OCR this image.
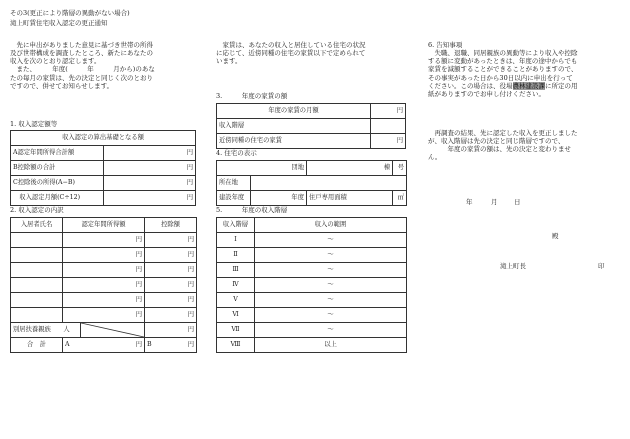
その3(更正により階層の異動がない場合)
滝上町賃住宅収入認定の更正通知
　先に申出がありました意見に基づき世帯の所得
及び世帯構成を調査したところ、新たにあなたの
収入を次のとおり認定します。
　また、　　　年度(　　　年　　　月から)のあな
たの毎月の家賃は、先の決定と同じく次のとおり
ですので、併せてお知らせします。
1. 収入認定額等
収入認定の算出基礎となる額	
A認定年間所得合計額	円
B控除額の合計	円
C控除後の所得(A−B)	円
　収入認定月額(C÷12)	円
2. 収入認定の内訳
入居者氏名	認定年間所得額		控除額
	円		円
	円		円
	円		円
	円		円
	円		円
	円		円
別居扶養親族　　 人			円
合　計	A 円		B 円
　家賃は、あなたの収入と居住している住宅の状況
に応じて、近傍同種の住宅の家賃以下で定められて
います。
3.　　　年度の家賃の額
年度の家賃の月額	円
収入階層	
近傍同種の住宅の家賃	円
4. 住宅の表示
団地		棟	号
所在地			
建設年度	年度	住戸専用面積	㎡
5.　　　年度の収入階層
収入階層	収入の範囲
Ⅰ	〜
Ⅱ	〜
Ⅲ	〜
Ⅳ	〜
Ⅴ	〜
Ⅵ	〜
Ⅶ	〜
Ⅷ	以上
6. 告知事項
　失職、退職、同居親族の異動等により収入や控除
する額に変動があったときは、年度の途中からでも
家賃を減額することができることがありますので、
その事実があった日から30日以内に申出を行って
ください。この場合は、役場農林建設課に所定の用
紙がありますのでお申し付けください。
　再調査の結果、先に認定した収入を更正しました
が、収入階層は先の決定と同じ階層ですので、
　　　年度の家賃の額は、先の決定と変わりませ
ん。
年	月	日
殿
滝上町長	印
